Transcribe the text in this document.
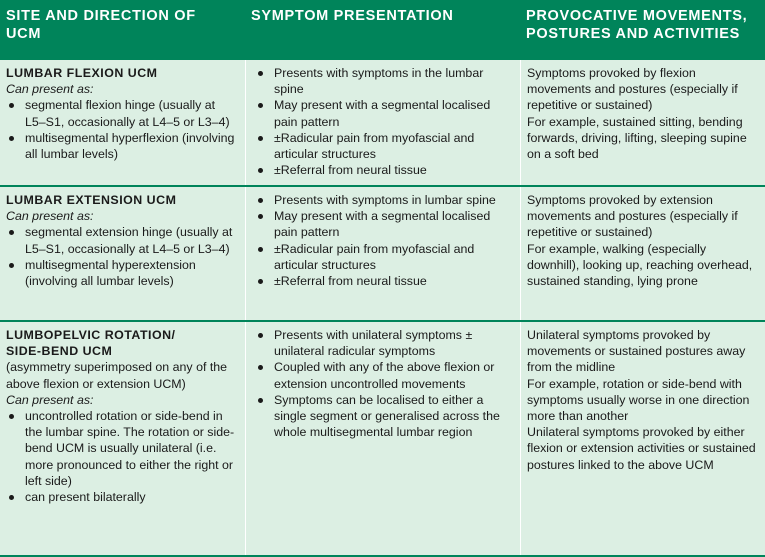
SITE AND DIRECTION OF
UCM
SYMPTOM PRESENTATION	PROVOCATIVE MOVEMENTS,
POSTURES AND ACTIVITIES
LUMBAR FLEXION UCM
Can present as:
segmental flexion hinge (usually at L5–S1, occasionally at L4–5 or L3–4)
multisegmental hyperflexion (involving all lumbar levels)
Presents with symptoms in the lumbar spine
May present with a segmental localised pain pattern
±Radicular pain from myofascial and articular structures
±Referral from neural tissue
Symptoms provoked by flexion movements and postures (especially if repetitive or sustained)
For example, sustained sitting, bending forwards, driving, lifting, sleeping supine on a soft bed
LUMBAR EXTENSION UCM
Can present as:
segmental extension hinge (usually at L5–S1, occasionally at L4–5 or L3–4)
multisegmental hyperextension (involving all lumbar levels)
Presents with symptoms in lumbar spine
May present with a segmental localised pain pattern
±Radicular pain from myofascial and articular structures
±Referral from neural tissue
Symptoms provoked by extension movements and postures (especially if repetitive or sustained)
For example, walking (especially downhill), looking up, reaching overhead, sustained standing, lying prone
LUMBOPELVIC ROTATION/
SIDE-BEND UCM
(asymmetry superimposed on any of the above flexion or extension UCM)
Can present as:
uncontrolled rotation or side-bend in the lumbar spine. The rotation or side-bend UCM is usually unilateral (i.e. more pronounced to either the right or left side)
can present bilaterally
Presents with unilateral symptoms ± unilateral radicular symptoms
Coupled with any of the above flexion or extension uncontrolled movements
Symptoms can be localised to either a single segment or generalised across the whole multisegmental lumbar region
Unilateral symptoms provoked by movements or sustained postures away from the midline
For example, rotation or side-bend with symptoms usually worse in one direction more than another
Unilateral symptoms provoked by either flexion or extension activities or sustained postures linked to the above UCM
